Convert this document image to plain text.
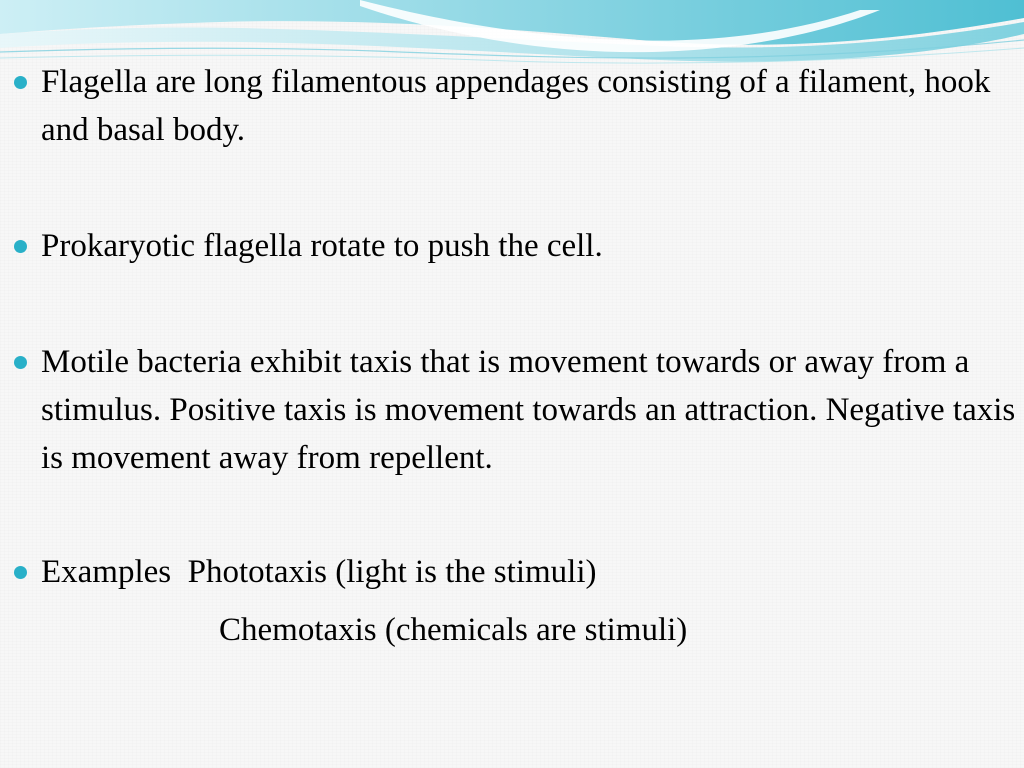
Flagella are long filamentous appendages consisting of a filament, hook and basal body.
Prokaryotic flagella rotate to push the cell.
Motile bacteria exhibit taxis that is movement towards or away from a stimulus. Positive taxis is movement towards an attraction. Negative taxis is movement away from repellent.
Examples Phototaxis (light is the stimuli)
Chemotaxis (chemicals are stimuli)
